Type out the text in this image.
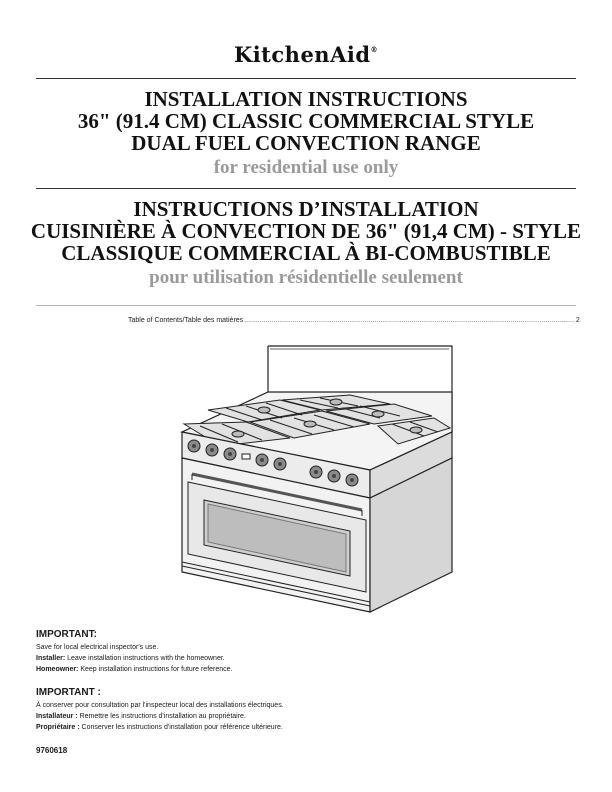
KitchenAid®
INSTALLATION INSTRUCTIONS
36" (91.4 CM) CLASSIC COMMERCIAL STYLE
DUAL FUEL CONVECTION RANGE
for residential use only
INSTRUCTIONS D’INSTALLATION
CUISINIÈRE À CONVECTION DE 36" (91,4 CM) - STYLE
CLASSIQUE COMMERCIAL À BI-COMBUSTIBLE
pour utilisation résidentielle seulement
Table of Contents/Table des matières .......................................................................................................................................................................... 2
IMPORTANT:

Save for local electrical inspector's use.

Installer: Leave installation instructions with the homeowner.

Homeowner: Keep installation instructions for future reference.

IMPORTANT :

À conserver pour consultation par l'inspecteur local des installations électriques.

Installateur : Remettre les instructions d'installation au propriétaire.

Propriétaire : Conserver les instructions d'installation pour référence ultérieure.

9760618
